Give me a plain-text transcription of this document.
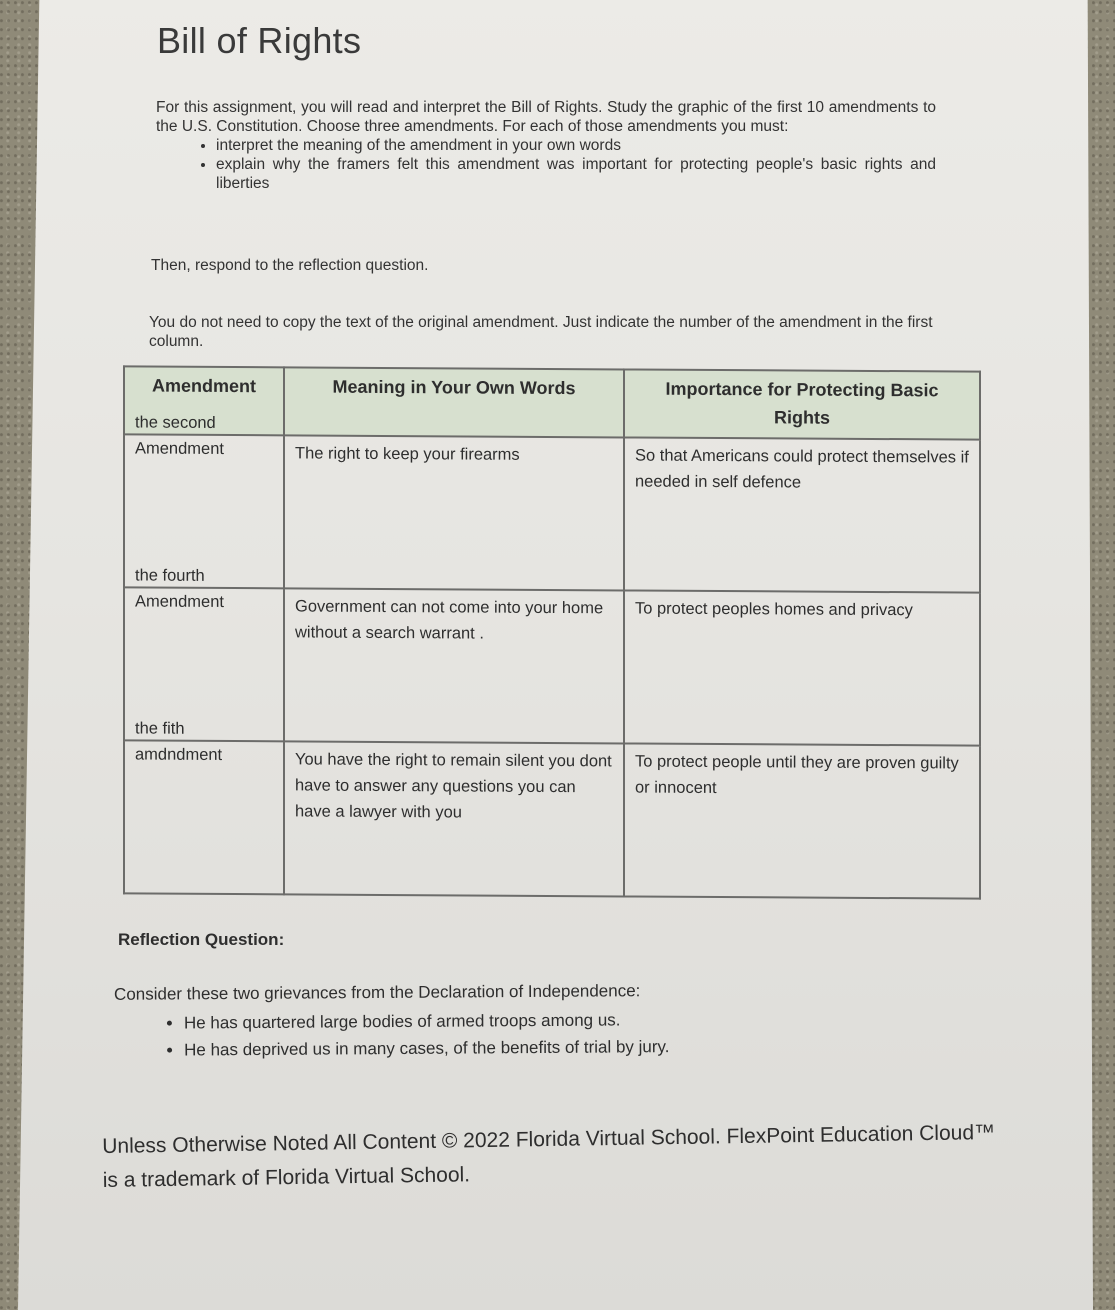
Bill of Rights
For this assignment, you will read and interpret the Bill of Rights. Study the graphic of the first 10 amendments to the U.S. Constitution. Choose three amendments. For each of those amendments you must:
• interpret the meaning of the amendment in your own words
• explain why the framers felt this amendment was important for protecting people's basic rights and liberties
Then, respond to the reflection question.
You do not need to copy the text of the original amendment. Just indicate the number of the amendment in the first column.
Amendment	Meaning in Your Own Words	Importance for Protecting Basic Rights

the second Amendment	The right to keep your firearms	So that Americans could protect themselves if needed in self defence

the fourth Amendment	Government can not come into your home without a search warrant .	To protect peoples homes and privacy

the fith amdndment	You have the right to remain silent you dont have to answer any questions you can have a lawyer with you	To protect people until they are proven guilty or innocent
Reflection Question:
Consider these two grievances from the Declaration of Independence:
• He has quartered large bodies of armed troops among us.
• He has deprived us in many cases, of the benefits of trial by jury.
Unless Otherwise Noted All Content © 2022 Florida Virtual School. FlexPoint Education Cloud™ is a trademark of Florida Virtual School.
